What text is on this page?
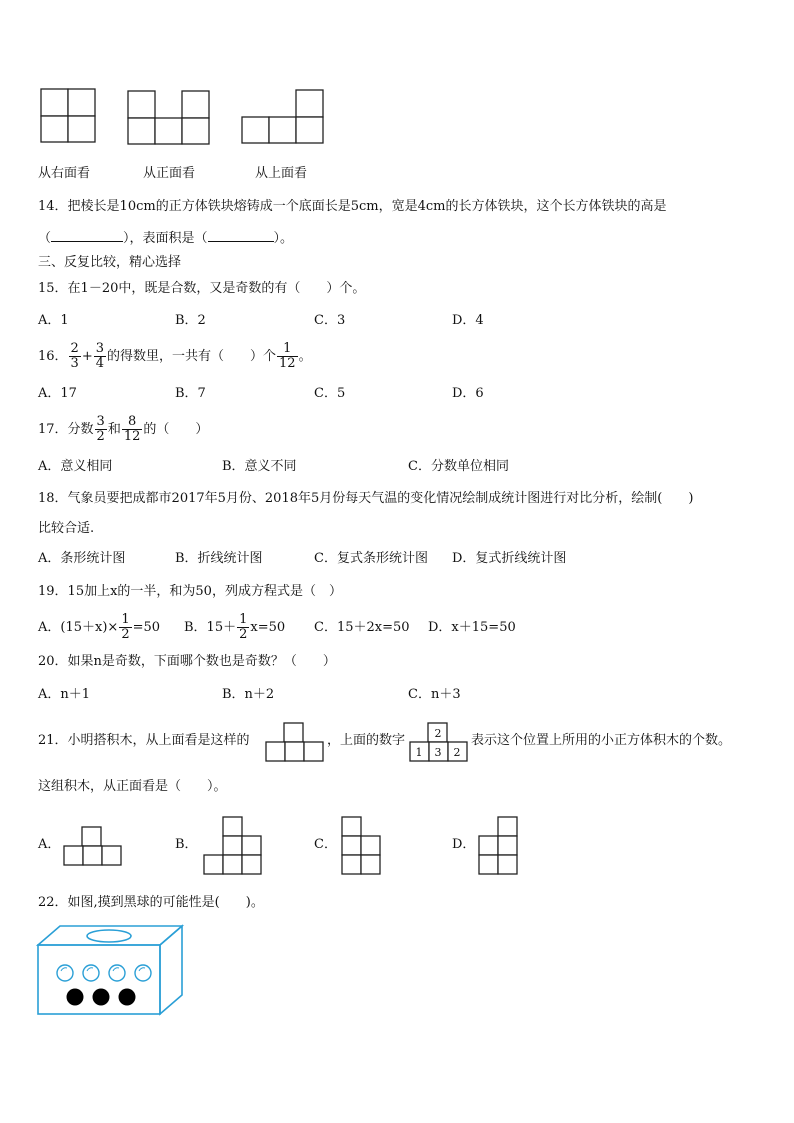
从右面看	从正面看	从上面看
14．把棱长是10cm的正方体铁块熔铸成一个底面长是5cm，宽是4cm的长方体铁块，这个长方体铁块的高是
（	），表面积是（	）。
三、反复比较，精心选择
15．在1－20中，既是合数，又是奇数的有（　　）个。
A．1	B．2	C．3	D．4
16． $\frac{2}{3} + \frac{3}{4}$ 的得数里，一共有（　　）个 $\frac{1}{12}$ 。
A．17	B．7	C．5	D．6
17．分数 $\frac{3}{2}$ 和 $\frac{8}{12}$ 的（　　）
A．意义相同	B．意义不同	C．分数单位相同
18．气象员要把成都市2017年5月份、2018年5月份每天气温的变化情况绘制成统计图进行对比分析，绘制(　　)
比较合适.
A．条形统计图	B．折线统计图	C．复式条形统计图 D．复式折线统计图
19．15加上x的一半，和为50，列成方程式是（　）
A．$(15+x)\times \frac{1}{2} =50$ B．$15+ \frac{1}{2} x=50$ C．15＋2x=50 D．x＋15=50
20．如果n是奇数，下面哪个数也是奇数？（　　）
A．n＋1	B．n＋2	C．n＋3
21．小明搭积木，从上面看是这样的	，上面的数字	2
1 3 2
表示这个位置上所用的小正方体积木的个数。
这组积木，从正面看是（　　）。
A．	B．	C．	D．
22．如图,摸到黑球的可能性是(　　)。
